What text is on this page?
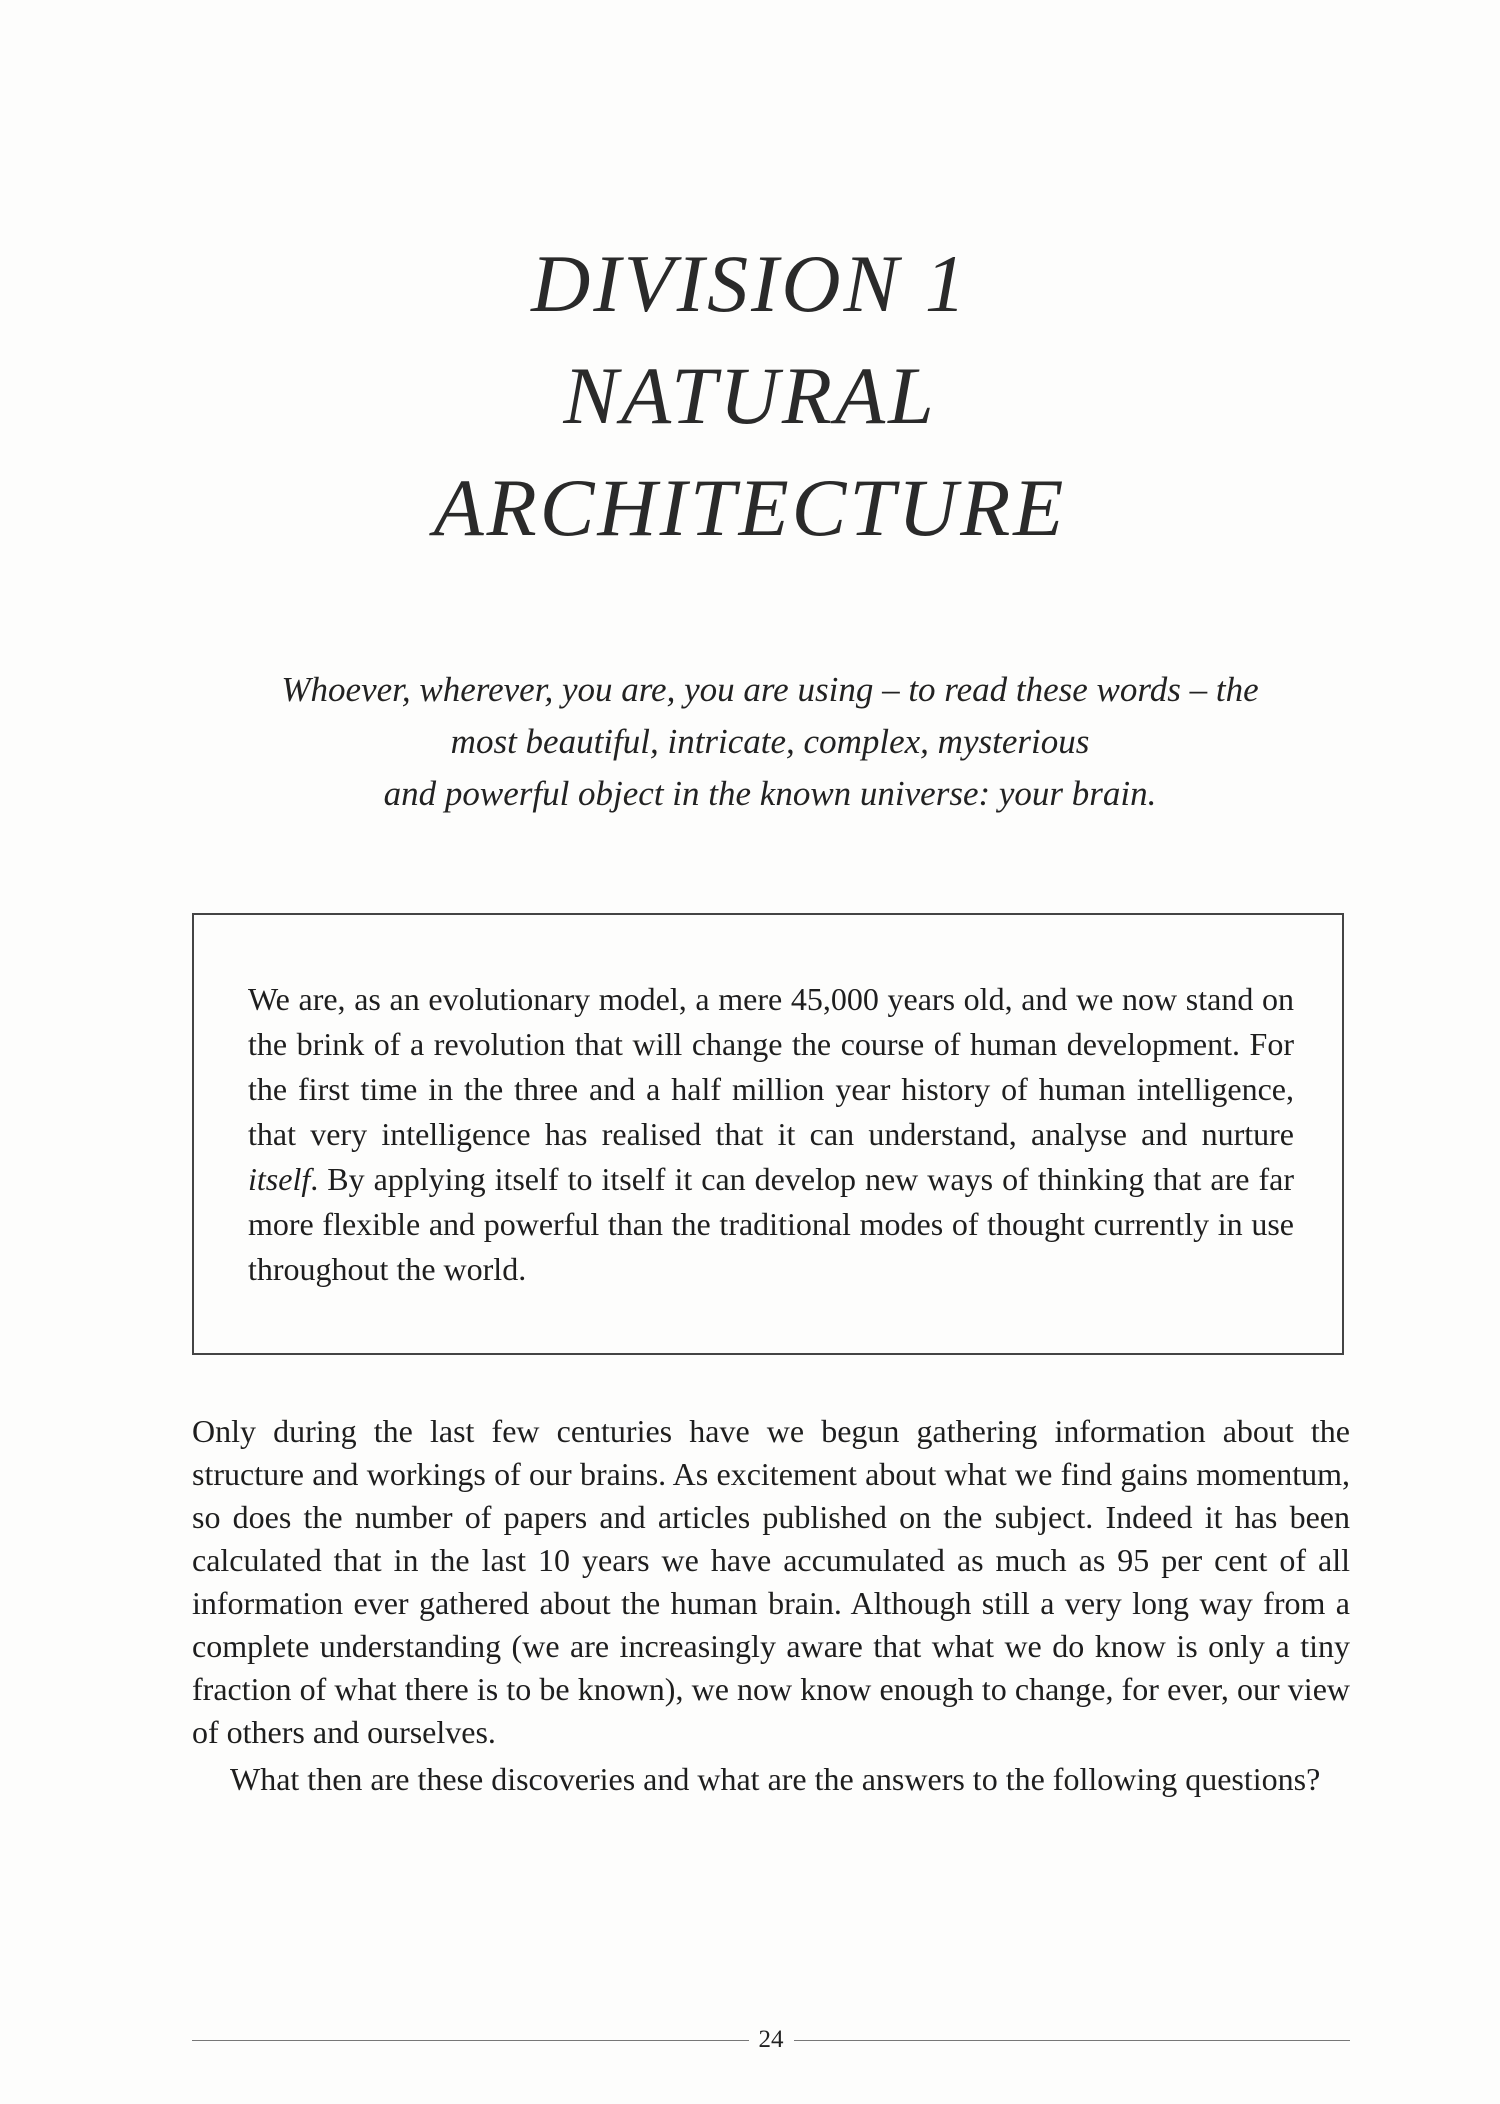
DIVISION 1
NATURAL
ARCHITECTURE
Whoever, wherever, you are, you are using – to read these words – the
most beautiful, intricate, complex, mysterious
and powerful object in the known universe: your brain.

We are, as an evolutionary model, a mere 45,000 years old, and we now stand on the brink of a revolution that will change the course of human development. For the first time in the three and a half million year history of human intelligence, that very intelligence has realised that it can understand, analyse and nurture itself. By applying itself to itself it can develop new ways of thinking that are far more flexible and powerful than the traditional modes of thought currently in use throughout the world.

Only during the last few centuries have we begun gathering information about the structure and workings of our brains. As excitement about what we find gains momentum, so does the number of papers and articles published on the subject. Indeed it has been calculated that in the last 10 years we have accumulated as much as 95 per cent of all information ever gathered about the human brain. Although still a very long way from a complete understanding (we are increasingly aware that what we do know is only a tiny fraction of what there is to be known), we now know enough to change, for ever, our view of others and ourselves.

What then are these discoveries and what are the answers to the following questions?

24
